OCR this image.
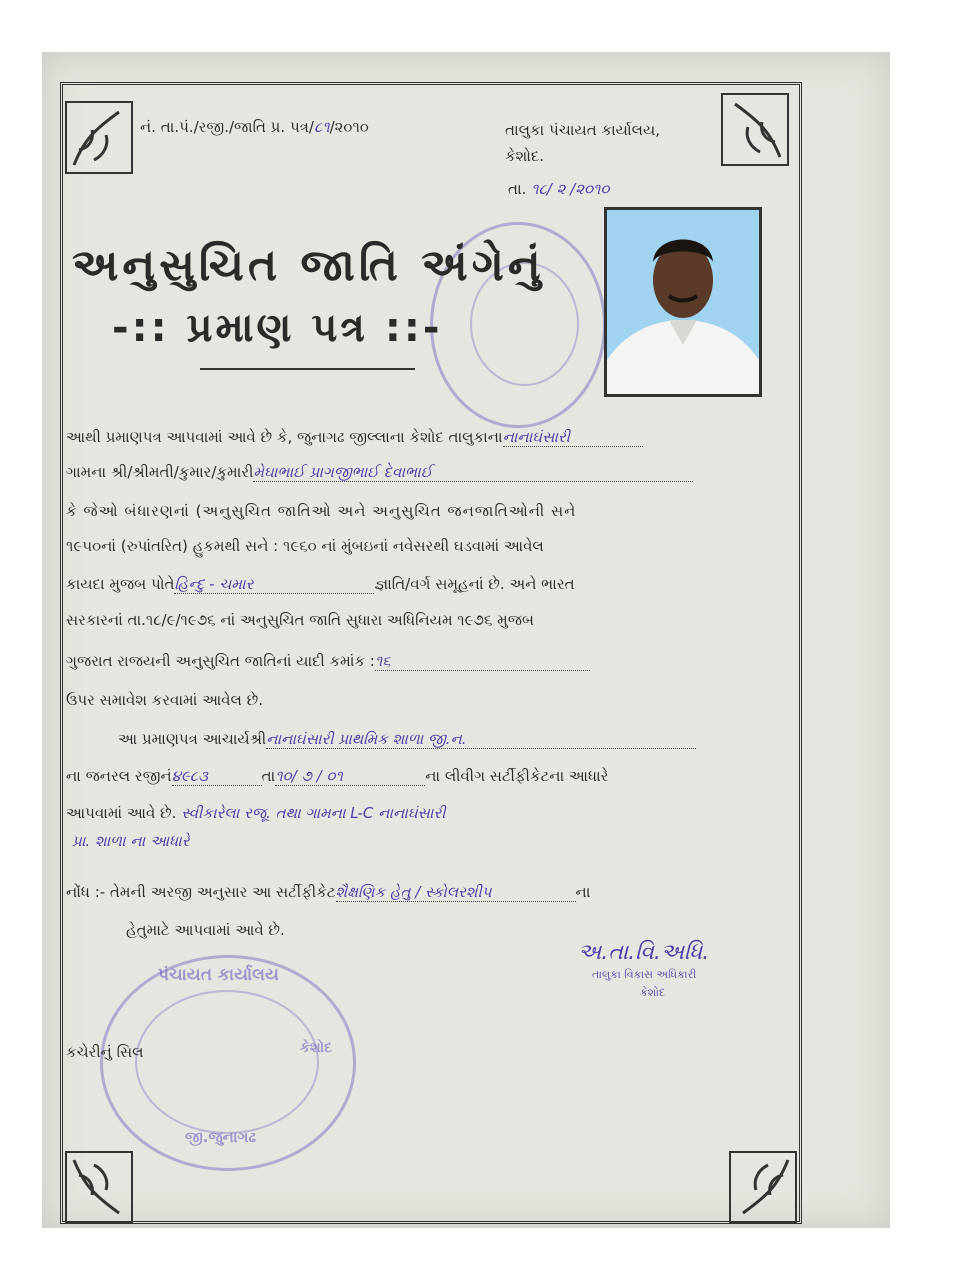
નં. તા.પં./રજી./જાતિ પ્ર. પત્ર/૮૧/૨૦૧૦	તાલુકા પંચાયત કાર્યાલય,
કેશોદ.
તા. ૧૮/ ૨ /૨૦૧૦
અનુસુચિત જાતિ અંગેનું
-:: પ્રમાણ પત્ર ::-
આથી પ્રમાણપત્ર આપવામાં આવે છે કે, જુનાગઢ જીલ્લાના કેશોદ તાલુકાનાનાનાઘંસારી
ગામના શ્રી/શ્રીમતી/કુમાર/કુમારીમેઘાભાઈ પ્રાગજીભાઈ દેવાભાઈ
કે જેઓ બંધારણનાં (અનુસુચિત જાતિઓ અને અનુસુચિત જનજાતિઓની સને
૧૯૫૦નાં (રુપાંતરિત) હુકમથી સને : ૧૯૬૦ નાં મુંબઇનાં નવેસરથી ઘડવામાં આવેલ
કાયદા મુજબ પોતેહિન્દુ - ચમાર	જ્ઞાતિ/વર્ગ સમૂહનાં છે. અને ભારત
સરકારનાં તા.૧૮/૯/૧૯૭૬ નાં અનુસુચિત જાતિ સુધારા અધિનિયમ ૧૯૭૬ મુજબ
ગુજરાત રાજયની અનુસુચિત જાતિનાં યાદી કમાંક :૧૬
ઉપર સમાવેશ કરવામાં આવેલ છે.
આ પ્રમાણપત્ર આચાર્યશ્રીનાનાઘંસારી પ્રાથમિક શાળા જી.ન.
ના જનરલ રજીનં૪૯૮૩	તા૧૦/ ૭ / ૦૧	ના લીવીગ સર્ટીફીકેટના આધારે
આપવામાં આવે છે. સ્વીકારેલા રજૂ. તથા ગામના L-C નાનાઘંસારી
પ્રા. શાળા ના આધારે
નોંધ :- તેમની અરજી અનુસાર આ સર્ટીફીકેટશૈક્ષણિક હેતુ / સ્કોલરશીપ	ના
હેતુમાટે આપવામાં આવે છે.
અ.તા.વિ.અધિ.
તાલુકા વિકાસ અધિકારી
કેશોદ
પંચાયત કાર્યાલય
કેશોદ
જી.જુનાગઢ
કચેરીનું સિલ
